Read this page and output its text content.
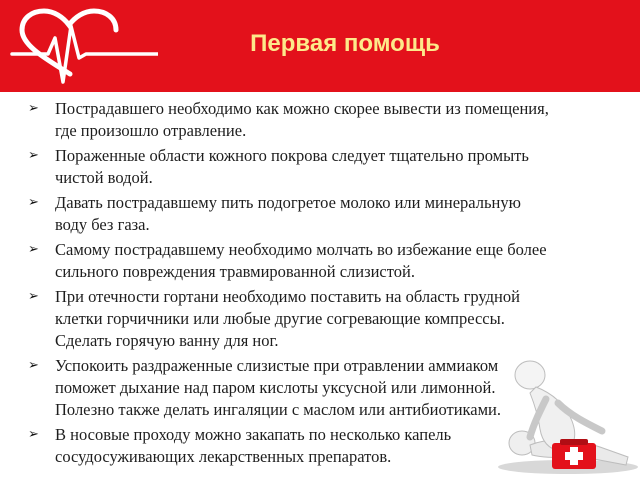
Первая помощь
➢ Пострадавшего необходимо как можно скорее вывести из помещения,
где произошло отравление.
➢ Пораженные области кожного покрова следует тщательно промыть
чистой водой.
➢ Давать пострадавшему пить подогретое молоко или минеральную
воду без газа.
➢ Самому пострадавшему необходимо молчать во избежание еще более
сильного повреждения травмированной слизистой.
➢ При отечности гортани необходимо поставить на область грудной
клетки горчичники или любые другие согревающие компрессы.
Сделать горячую ванну для ног.
➢ Успокоить раздраженные слизистые при отравлении аммиаком
поможет дыхание над паром кислоты уксусной или лимонной.
Полезно также делать ингаляции с маслом или антибиотиками.
➢ В носовые проходу можно закапать по несколько капель
сосудосуживающих лекарственных препаратов.
